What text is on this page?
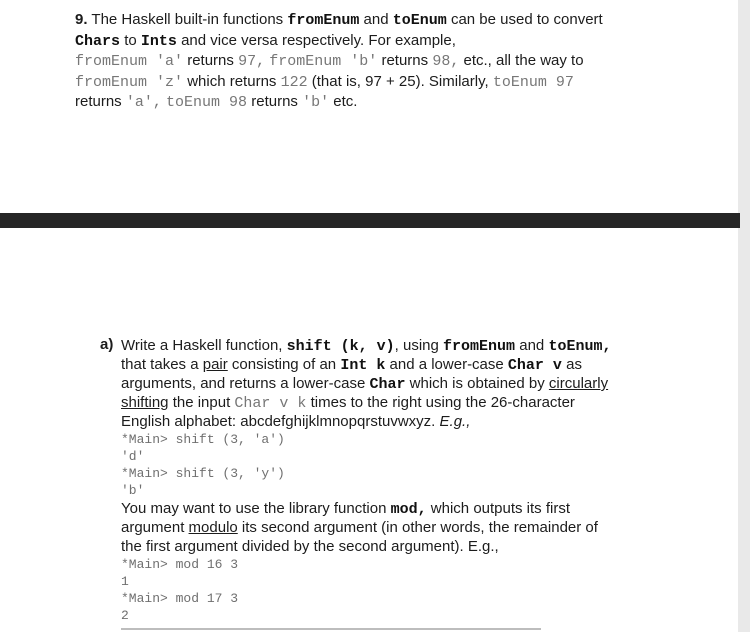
9. The Haskell built-in functions fromEnum and toEnum can be used to convert
Chars to Ints and vice versa respectively. For example,
fromEnum 'a' returns 97, fromEnum 'b' returns 98, etc., all the way to
fromEnum 'z' which returns 122 (that is, 97 + 25). Similarly, toEnum 97
returns 'a', toEnum 98 returns 'b' etc.
a) Write a Haskell function, shift (k, v), using fromEnum and toEnum,
that takes a pair consisting of an Int k and a lower-case Char v as
arguments, and returns a lower-case Char which is obtained by circularly
shifting the input Char v k times to the right using the 26-character
English alphabet: abcdefghijklmnopqrstuvwxyz. E.g.,
*Main> shift (3, 'a')
'd'
*Main> shift (3, 'y')
'b'
You may want to use the library function mod, which outputs its first
argument modulo its second argument (in other words, the remainder of
the first argument divided by the second argument). E.g.,
*Main> mod 16 3
1
*Main> mod 17 3
2
